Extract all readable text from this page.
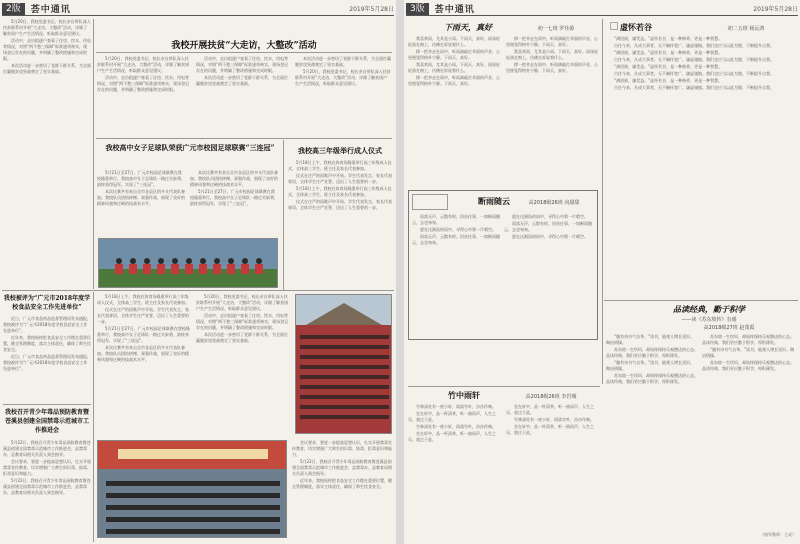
2版	荟中通讯	2019年5月28日

5月20日，我校党委书记、校长亲自带队深入扶贫联系村开展“大走访，大整改”活动，详细了解贫困户生产生活情况，听取群众意见建议。

活动中，走访组逐户查看了住房、饮水、用电等情况，对照“两不愁三保障”标准逐项核实，现场登记存在的问题，并明确了整改措施和完成时限。

本次活动进一步密切了党群干群关系，为全面打赢脱贫攻坚战奠定了坚实基础。

我校开展扶贫“大走访，大整改”活动

5月20日，我校党委书记、校长亲自带队深入扶贫联系村开展“大走访，大整改”活动，详细了解贫困户生产生活情况，听取群众意见建议。

活动中，走访组逐户查看了住房、饮水、用电等情况，对照“两不愁三保障”标准逐项核实，现场登记存在的问题，并明确了整改措施和完成时限。

活动中，走访组逐户查看了住房、饮水、用电等情况，对照“两不愁三保障”标准逐项核实，现场登记存在的问题，并明确了整改措施和完成时限。

本次活动进一步密切了党群干群关系，为全面打赢脱贫攻坚战奠定了坚实基础。

本次活动进一步密切了党群干群关系，为全面打赢脱贫攻坚战奠定了坚实基础。

5月20日，我校党委书记、校长亲自带队深入扶贫联系村开展“大走访，大整改”活动，详细了解贫困户生产生活情况，听取群众意见建议。

我校高中女子足球队荣获广元市校园足球联赛“三连冠”

5月21日至27日，广元市校园足球联赛在我校隆重举行，我校高中女子足球队一路过关斩将，最终获得冠军，实现了“三连冠”。

本次比赛共有来自全市各县区的多支代表队参加。我校队员团结拼搏、顽强作战，展现了良好的精神风貌和过硬的技战术水平。

本次比赛共有来自全市各县区的多支代表队参加。我校队员团结拼搏、顽强作战，展现了良好的精神风貌和过硬的技战术水平。

5月21日至27日，广元市校园足球联赛在我校隆重举行，我校高中女子足球队一路过关斩将，最终获得冠军，实现了“三连冠”。

我校高三年级举行成人仪式

5月18日上午，我校在体育场隆重举行高三年级成人仪式，全体高三学生、班主任及家长代表参加。

仪式在庄严的国歌声中开始。学生代表发言，家长代表寄语，全体学生庄严宣誓，迈出了人生重要的一步。

5月18日上午，我校在体育场隆重举行高三年级成人仪式，全体高三学生、班主任及家长代表参加。

仪式在庄严的国歌声中开始。学生代表发言，家长代表寄语，全体学生庄严宣誓，迈出了人生重要的一步。

我校被评为“广元市2018年度学校食品安全工作先进单位”

近日，广元市食品药品监督管理局发布通报，我校被评为“广元市2018年度学校食品安全工作先进单位”。

近年来，我校始终把食品安全工作摆在重要位置，健全管理制度，落实主体责任，确保了师生饮食安全。

近日，广元市食品药品监督管理局发布通报，我校被评为“广元市2018年度学校食品安全工作先进单位”。

我校召开青少年毒品预防教育暨苍溪县创建全国禁毒示范城市工作推进会

5月22日，我校召开青少年毒品预防教育暨苍溪县创建全国禁毒示范城市工作推进会，县禁毒办、县教育局相关负责人到会指导。

会议要求，要进一步提高思想认识，扎实开展禁毒宣传教育，切实增强广大师生的识毒、防毒、拒毒意识和能力。

5月22日，我校召开青少年毒品预防教育暨苍溪县创建全国禁毒示范城市工作推进会，县禁毒办、县教育局相关负责人到会指导。

5月18日上午，我校在体育场隆重举行高三年级成人仪式，全体高三学生、班主任及家长代表参加。

仪式在庄严的国歌声中开始。学生代表发言，家长代表寄语，全体学生庄严宣誓，迈出了人生重要的一步。

5月21日至27日，广元市校园足球联赛在我校隆重举行，我校高中女子足球队一路过关斩将，最终获得冠军，实现了“三连冠”。

本次比赛共有来自全市各县区的多支代表队参加。我校队员团结拼搏、顽强作战，展现了良好的精神风貌和过硬的技战术水平。

5月20日，我校党委书记、校长亲自带队深入扶贫联系村开展“大走访，大整改”活动，详细了解贫困户生产生活情况，听取群众意见建议。

活动中，走访组逐户查看了住房、饮水、用电等情况，对照“两不愁三保障”标准逐项核实，现场登记存在的问题，并明确了整改措施和完成时限。

本次活动进一步密切了党群干群关系，为全面打赢脱贫攻坚战奠定了坚实基础。

会议要求，要进一步提高思想认识，扎实开展禁毒宣传教育，切实增强广大师生的识毒、防毒、拒毒意识和能力。

5月22日，我校召开青少年毒品预防教育暨苍溪县创建全国禁毒示范城市工作推进会，县禁毒办、县教育局相关负责人到会指导。

近年来，我校始终把食品安全工作摆在重要位置，健全管理制度，落实主体责任，确保了师生饮食安全。

3版	荟中通讯	2019年5月28日
下雨天，真好	初一七班 罗佳源

我喜欢雨，尤其是小雨。下雨天，真好。雨丝轻轻落在窗上，仿佛在诉说着什么。

撑一把伞走在雨中，听雨滴敲打伞面的声音，心里便觉得格外宁静。下雨天，真好。

我喜欢雨，尤其是小雨。下雨天，真好。雨丝轻轻落在窗上，仿佛在诉说着什么。

撑一把伞走在雨中，听雨滴敲打伞面的声音，心里便觉得格外宁静。下雨天，真好。

撑一把伞走在雨中，听雨滴敲打伞面的声音，心里便觉得格外宁静。下雨天，真好。

我喜欢雨，尤其是小雨。下雨天，真好。雨丝轻轻落在窗上，仿佛在诉说着什么。

撑一把伞走在雨中，听雨滴敲打伞面的声音，心里便觉得格外宁静。下雨天，真好。

虚怀若谷	初二五班 杨沅鸿

“满招损，谦受益。”虚怀若谷，是一种修养，更是一种智慧。

古往今来，凡成大事者，无不胸怀宽广、谦虚谨慎。我们也应当以此为镜，不断提升自我。

“满招损，谦受益。”虚怀若谷，是一种修养，更是一种智慧。

古往今来，凡成大事者，无不胸怀宽广、谦虚谨慎。我们也应当以此为镜，不断提升自我。

“满招损，谦受益。”虚怀若谷，是一种修养，更是一种智慧。

古往今来，凡成大事者，无不胸怀宽广、谦虚谨慎。我们也应当以此为镜，不断提升自我。

“满招损，谦受益。”虚怀若谷，是一种修养，更是一种智慧。

古往今来，凡成大事者，无不胸怀宽广、谦虚谨慎。我们也应当以此为镜，不断提升自我。

断雨随云	高2018级26班 向甜甜

雨落无声，云散有时。回首往事，一如断雨随云，去也匆匆。

愿在这淅沥的雨中，寻得心中那一片晴空。

雨落无声，云散有时。回首往事，一如断雨随云，去也匆匆。

愿在这淅沥的雨中，寻得心中那一片晴空。

雨落无声，云散有时。回首往事，一如断雨随云，去也匆匆。

愿在这淅沥的雨中，寻得心中那一片晴空。

品读经典，勤于积学
——读《苏东坡传》有感
高2018级27班 赵茂霞

“腹有诗书气自华。”读书，能使人增长见识、陶冶情操。

苏东坡一生坎坷，却始终保持乐观豁达的心态。品读经典，我们更应勤于积学，厚积薄发。

“腹有诗书气自华。”读书，能使人增长见识、陶冶情操。

苏东坡一生坎坷，却始终保持乐观豁达的心态。品读经典，我们更应勤于积学，厚积薄发。

苏东坡一生坎坷，却始终保持乐观豁达的心态。品读经典，我们更应勤于积学，厚积薄发。

“腹有诗书气自华。”读书，能使人增长见识、陶冶情操。

苏东坡一生坎坷，却始终保持乐观豁达的心态。品读经典，我们更应勤于积学，厚积薄发。

（指导教师：王成）
竹中雨轩	高2018级26班 李岩城

竹林深处有一座小轩，雨落竹叶，沙沙作响。

坐在轩中，品一杯清茶，听一曲雨声，人生之乐，莫过于此。

竹林深处有一座小轩，雨落竹叶，沙沙作响。

坐在轩中，品一杯清茶，听一曲雨声，人生之乐，莫过于此。

坐在轩中，品一杯清茶，听一曲雨声，人生之乐，莫过于此。

竹林深处有一座小轩，雨落竹叶，沙沙作响。

坐在轩中，品一杯清茶，听一曲雨声，人生之乐，莫过于此。
